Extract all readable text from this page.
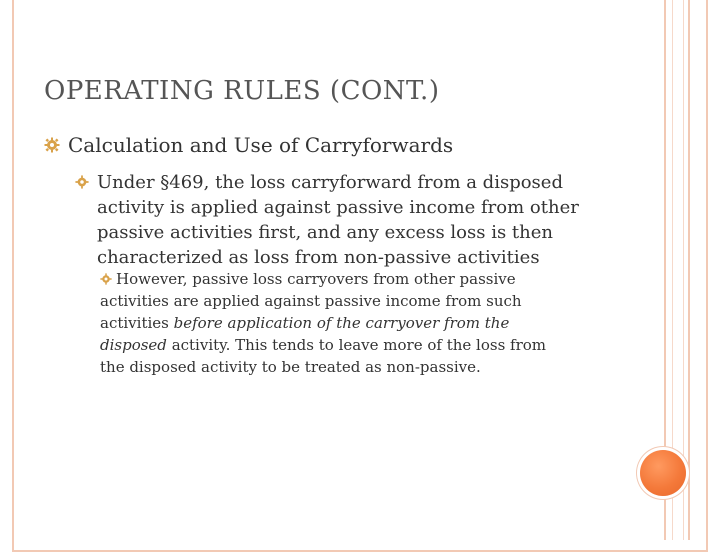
OPERATING RULES (CONT.)
Calculation and Use of Carryforwards
Under §469, the loss carryforward from a disposed
activity is applied against passive income from other
passive activities first, and any excess loss is then
characterized as loss from non-passive activities
However, passive loss carryovers from other passive
activities are applied against passive income from such
activities before application of the carryover from the
disposed activity. This tends to leave more of the loss from
the disposed activity to be treated as non-passive.
